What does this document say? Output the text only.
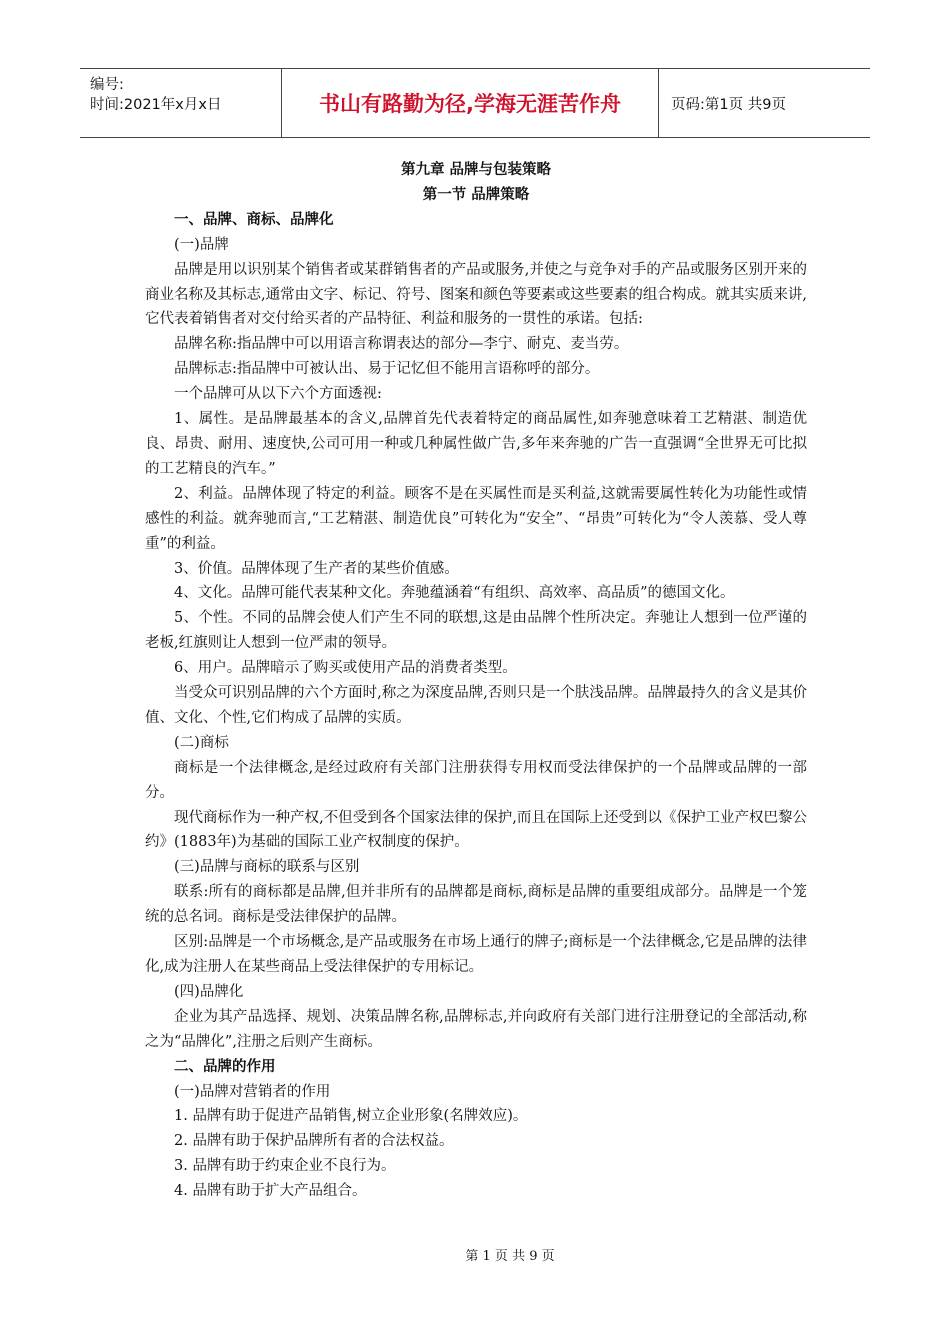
编号:
时间:2021年x月x日	书山有路勤为径,学海无涯苦作舟	页码:第1页 共9页
第九章 品牌与包装策略
第一节 品牌策略
一、品牌、商标、品牌化
(一)品牌
品牌是用以识别某个销售者或某群销售者的产品或服务,并使之与竞争对手的产品或服务区别开来的商业名称及其标志,通常由文字、标记、符号、图案和颜色等要素或这些要素的组合构成。就其实质来讲,它代表着销售者对交付给买者的产品特征、利益和服务的一贯性的承诺。包括:
品牌名称:指品牌中可以用语言称谓表达的部分—李宁、耐克、麦当劳。
品牌标志:指品牌中可被认出、易于记忆但不能用言语称呼的部分。
一个品牌可从以下六个方面透视:
1、属性。是品牌最基本的含义,品牌首先代表着特定的商品属性,如奔驰意味着工艺精湛、制造优良、昂贵、耐用、速度快,公司可用一种或几种属性做广告,多年来奔驰的广告一直强调“全世界无可比拟的工艺精良的汽车。”
2、利益。品牌体现了特定的利益。顾客不是在买属性而是买利益,这就需要属性转化为功能性或情感性的利益。就奔驰而言,“工艺精湛、制造优良”可转化为“安全”、“昂贵”可转化为“令人羡慕、受人尊重”的利益。
3、价值。品牌体现了生产者的某些价值感。
4、文化。品牌可能代表某种文化。奔驰蕴涵着“有组织、高效率、高品质”的德国文化。
5、个性。不同的品牌会使人们产生不同的联想,这是由品牌个性所决定。奔驰让人想到一位严谨的老板,红旗则让人想到一位严肃的领导。
6、用户。品牌暗示了购买或使用产品的消费者类型。
当受众可识别品牌的六个方面时,称之为深度品牌,否则只是一个肤浅品牌。品牌最持久的含义是其价值、文化、个性,它们构成了品牌的实质。
(二)商标
商标是一个法律概念,是经过政府有关部门注册获得专用权而受法律保护的一个品牌或品牌的一部分。
现代商标作为一种产权,不但受到各个国家法律的保护,而且在国际上还受到以《保护工业产权巴黎公约》(1883年)为基础的国际工业产权制度的保护。
(三)品牌与商标的联系与区别
联系:所有的商标都是品牌,但并非所有的品牌都是商标,商标是品牌的重要组成部分。品牌是一个笼统的总名词。商标是受法律保护的品牌。
区别:品牌是一个市场概念,是产品或服务在市场上通行的牌子;商标是一个法律概念,它是品牌的法律化,成为注册人在某些商品上受法律保护的专用标记。
(四)品牌化
企业为其产品选择、规划、决策品牌名称,品牌标志,并向政府有关部门进行注册登记的全部活动,称之为“品牌化”,注册之后则产生商标。
二、品牌的作用
(一)品牌对营销者的作用
1. 品牌有助于促进产品销售,树立企业形象(名牌效应)。
2. 品牌有助于保护品牌所有者的合法权益。
3. 品牌有助于约束企业不良行为。
4. 品牌有助于扩大产品组合。
第 1 页 共 9 页
